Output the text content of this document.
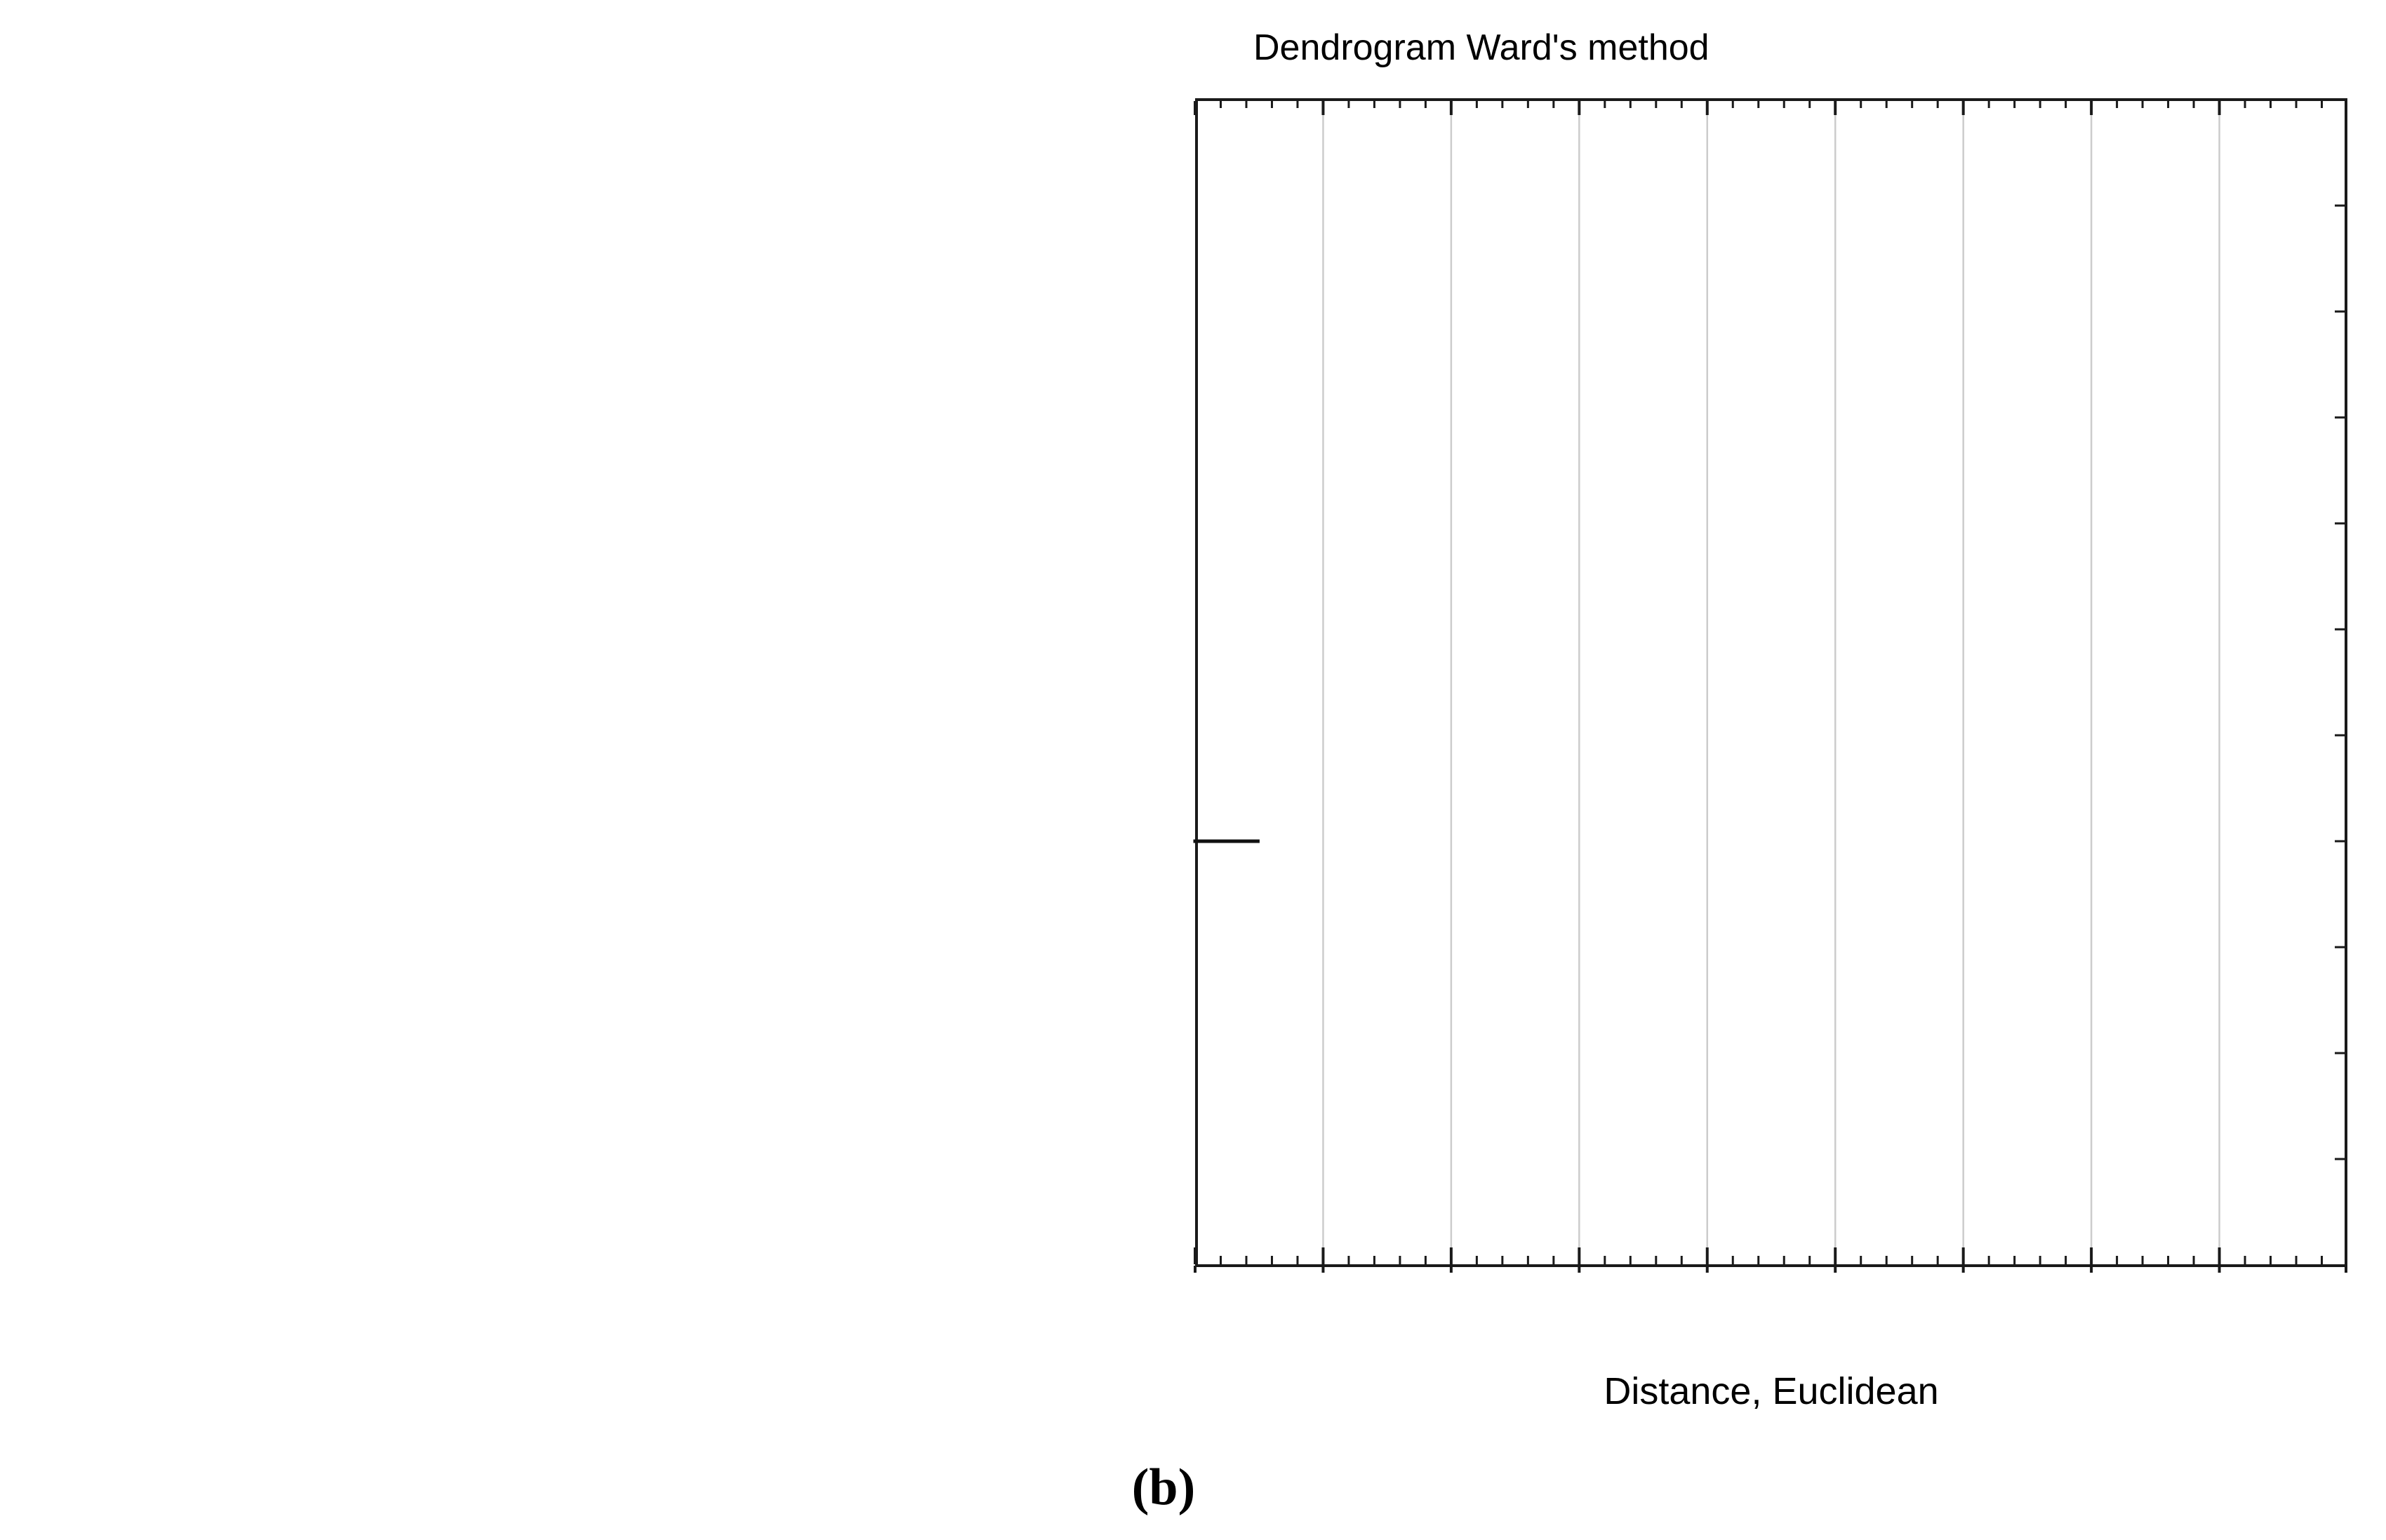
Dendrogram Ward's method
Distance, Euclidean
(b)
